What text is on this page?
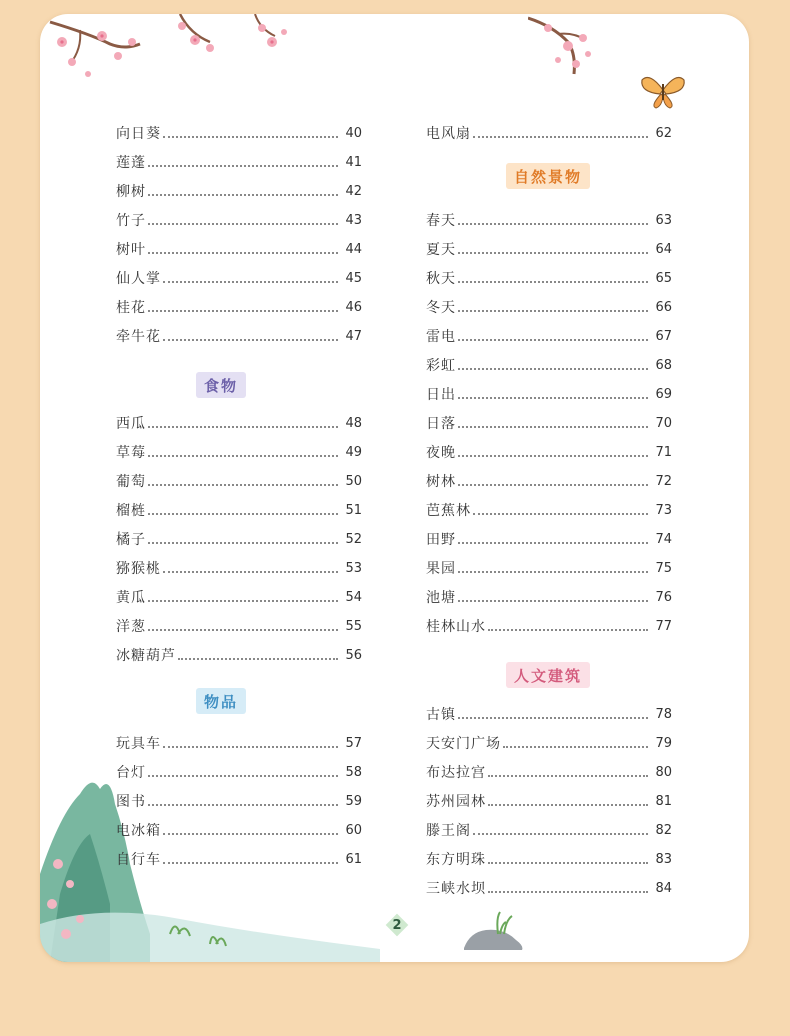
向日葵	40
莲蓬	41
柳树	42
竹子	43
树叶	44
仙人掌	45
桂花	46
牵牛花	47
食物
西瓜	48
草莓	49
葡萄	50
榴梿	51
橘子	52
猕猴桃	53
黄瓜	54
洋葱	55
冰糖葫芦	56
物品
玩具车	57
台灯	58
图书	59
电冰箱	60
自行车	61
电风扇	62
自然景物
春天	63
夏天	64
秋天	65
冬天	66
雷电	67
彩虹	68
日出	69
日落	70
夜晚	71
树林	72
芭蕉林	73
田野	74
果园	75
池塘	76
桂林山水	77
人文建筑
古镇	78
天安门广场	79
布达拉宫	80
苏州园林	81
滕王阁	82
东方明珠	83
三峡水坝	84
2
